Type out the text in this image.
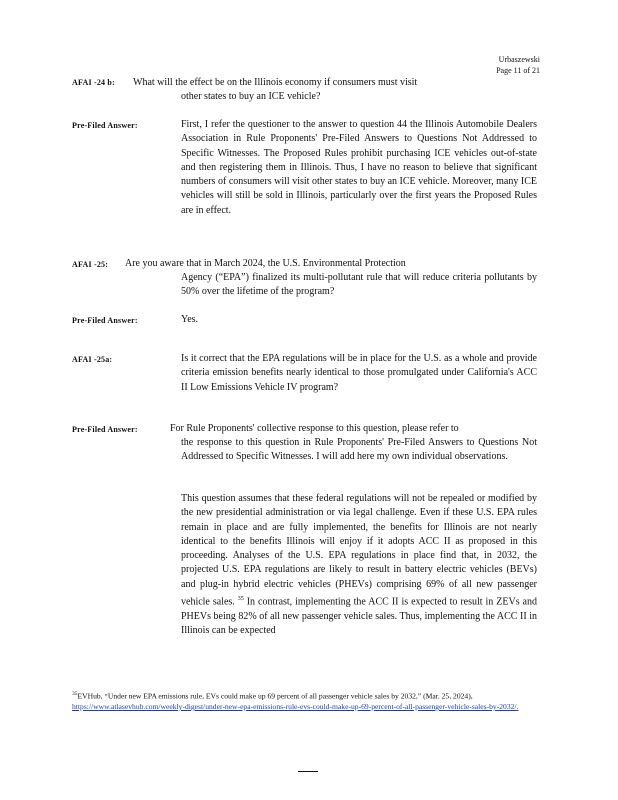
Urbaszewski
Page 11 of 21
AFAI -24 b: What will the effect be on the Illinois economy if consumers must visit
other states to buy an ICE vehicle?
Pre-Filed Answer:	First, I refer the questioner to the answer to question 44 the Illinois Automobile Dealers Association in Rule Proponents' Pre-Filed Answers to Questions Not Addressed to Specific Witnesses. The Proposed Rules prohibit purchasing ICE vehicles out-of-state and then registering them in Illinois. Thus, I have no reason to believe that significant numbers of consumers will visit other states to buy an ICE vehicle. Moreover, many ICE vehicles will still be sold in Illinois, particularly over the first years the Proposed Rules are in effect.
AFAI -25: Are you aware that in March 2024, the U.S. Environmental Protection
Agency (“EPA”) finalized its multi-pollutant rule that will reduce criteria pollutants by 50% over the lifetime of the program?
Pre-Filed Answer:	Yes.
AFAI -25a:	Is it correct that the EPA regulations will be in place for the U.S. as a whole and provide criteria emission benefits nearly identical to those promulgated under California's ACC II Low Emissions Vehicle IV program?
Pre-Filed Answer:	For Rule Proponents' collective response to this question, please refer to
the response to this question in Rule Proponents' Pre-Filed Answers to Questions Not Addressed to Specific Witnesses. I will add here my own individual observations.
This question assumes that these federal regulations will not be repealed or modified by the new presidential administration or via legal challenge. Even if these U.S. EPA rules remain in place and are fully implemented, the benefits for Illinois are not nearly identical to the benefits Illinois will enjoy if it adopts ACC II as proposed in this proceeding. Analyses of the U.S. EPA regulations in place find that, in 2032, the projected U.S. EPA regulations are likely to result in battery electric vehicles (BEVs) and plug-in hybrid electric vehicles (PHEVs) comprising 69% of all new passenger vehicle sales. $^{35}$ In contrast, implementing the ACC II is expected to result in ZEVs and PHEVs being 82% of all new passenger vehicle sales. Thus, implementing the ACC II in Illinois can be expected
$^{35}$EVHub, “Under new EPA emissions rule, EVs could make up 69 percent of all passenger vehicle sales by 2032,” (Mar. 25, 2024), https://www.atlasevhub.com/weekly-digest/under-new-epa-emissions-rule-evs-could-make-up-69-percent-of-all-passenger-vehicle-sales-by-2032/.
